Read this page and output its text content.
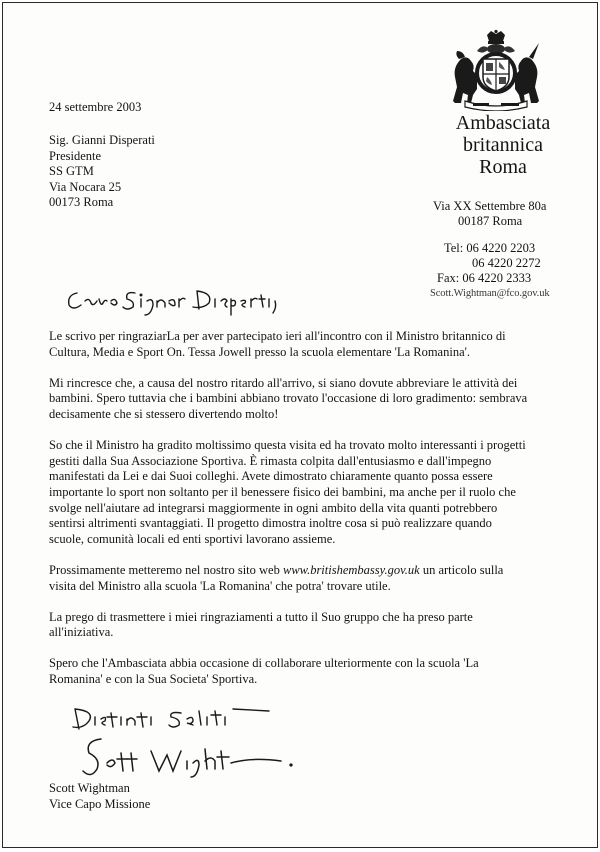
Ambasciata
britannica
Roma
Via XX Settembre 80a
00187 Roma
Tel: 06 4220 2203
06 4220 2272
Fax: 06 4220 2333
Scott.Wightman@fco.gov.uk
24 settembre 2003
Sig. Gianni Disperati
Presidente
SS GTM
Via Nocara 25
00173 Roma

Le scrivo per ringraziarLa per aver partecipato ieri all'incontro con il Ministro britannico di
Cultura, Media e Sport On. Tessa Jowell presso la scuola elementare 'La Romanina'.

Mi rincresce che, a causa del nostro ritardo all'arrivo, si siano dovute abbreviare le attività dei
bambini. Spero tuttavia che i bambini abbiano trovato l'occasione di loro gradimento: sembrava
decisamente che si stessero divertendo molto!

So che il Ministro ha gradito moltissimo questa visita ed ha trovato molto interessanti i progetti
gestiti dalla Sua Associazione Sportiva. È rimasta colpita dall'entusiasmo e dall'impegno
manifestati da Lei e dai Suoi colleghi. Avete dimostrato chiaramente quanto possa essere
importante lo sport non soltanto per il benessere fisico dei bambini, ma anche per il ruolo che
svolge nell'aiutare ad integrarsi maggiormente in ogni ambito della vita quanti potrebbero
sentirsi altrimenti svantaggiati. Il progetto dimostra inoltre cosa si può realizzare quando
scuole, comunità locali ed enti sportivi lavorano assieme.

Prossimamente metteremo nel nostro sito web www.britishembassy.gov.uk un articolo sulla
visita del Ministro alla scuola 'La Romanina' che potra' trovare utile.

La prego di trasmettere i miei ringraziamenti a tutto il Suo gruppo che ha preso parte
all'iniziativa.

Spero che l'Ambasciata abbia occasione di collaborare ulteriormente con la scuola 'La
Romanina' e con la Sua Societa' Sportiva.

Scott Wightman
Vice Capo Missione
